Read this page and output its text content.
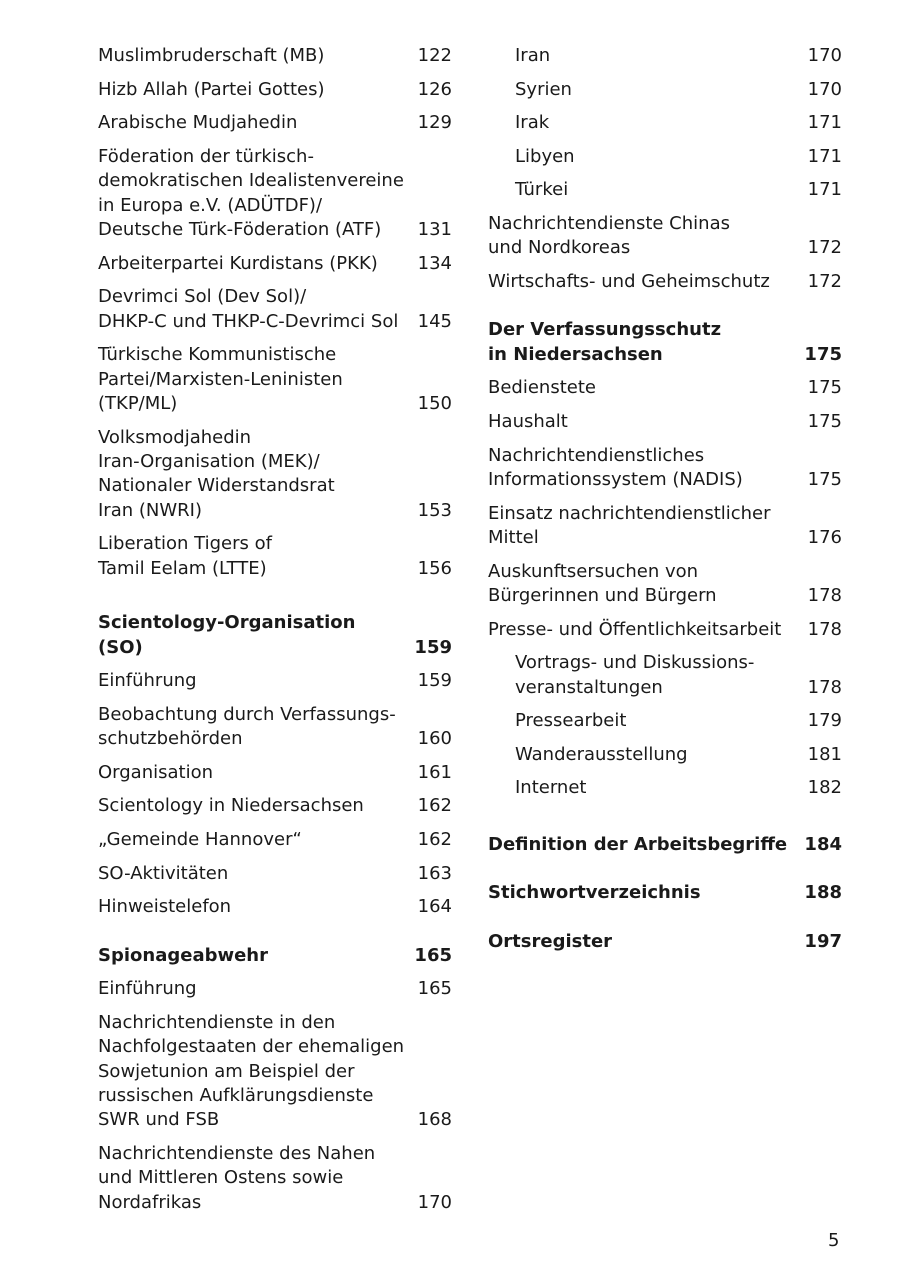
Muslimbruderschaft (MB)	122
Hizb Allah (Partei Gottes)	126
Arabische Mudjahedin	129
Föderation der türkisch-
demokratischen Idealistenvereine
in Europa e.V. (ADÜTDF)/
Deutsche Türk-Föderation (ATF)	131
Arbeiterpartei Kurdistans (PKK)	134
Devrimci Sol (Dev Sol)/
DHKP-C und THKP-C-Devrimci Sol	145
Türkische Kommunistische
Partei/Marxisten-Leninisten
(TKP/ML)	150
Volksmodjahedin
Iran-Organisation (MEK)/
Nationaler Widerstandsrat
Iran (NWRI)	153
Liberation Tigers of
Tamil Eelam (LTTE)	156
Scientology-Organisation (SO)	159
Einführung	159
Beobachtung durch Verfassungs-
schutzbehörden	160
Organisation	161
Scientology in Niedersachsen	162
„Gemeinde Hannover“	162
SO-Aktivitäten	163
Hinweistelefon	164
Spionageabwehr	165
Einführung	165
Nachrichtendienste in den
Nachfolgestaaten der ehemaligen
Sowjetunion am Beispiel der
russischen Aufklärungsdienste
SWR und FSB	168
Nachrichtendienste des Nahen
und Mittleren Ostens sowie
Nordafrikas	170
Iran	170
Syrien	170
Irak	171
Libyen	171
Türkei	171
Nachrichtendienste Chinas
und Nordkoreas	172
Wirtschafts- und Geheimschutz	172
Der Verfassungsschutz
in Niedersachsen	175
Bedienstete	175
Haushalt	175
Nachrichtendienstliches
Informationssystem (NADIS)	175
Einsatz nachrichtendienstlicher
Mittel	176
Auskunftsersuchen von
Bürgerinnen und Bürgern	178
Presse- und Öffentlichkeitsarbeit	178
Vortrags- und Diskussions-
veranstaltungen	178
Pressearbeit	179
Wanderausstellung	181
Internet	182
Definition der Arbeitsbegriffe 184
Stichwortverzeichnis	188
Ortsregister	197
5
